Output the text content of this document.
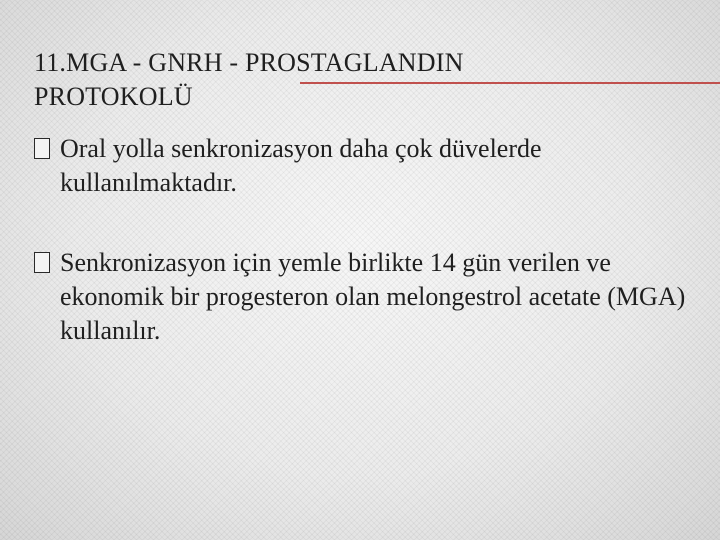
11.MGA - GNRH - PROSTAGLANDIN
PROTOKOLÜ
Oral yolla senkronizasyon daha çok düvelerde kullanılmaktadır.
Senkronizasyon için yemle birlikte 14 gün verilen ve ekonomik bir progesteron olan melongestrol acetate (MGA) kullanılır.
